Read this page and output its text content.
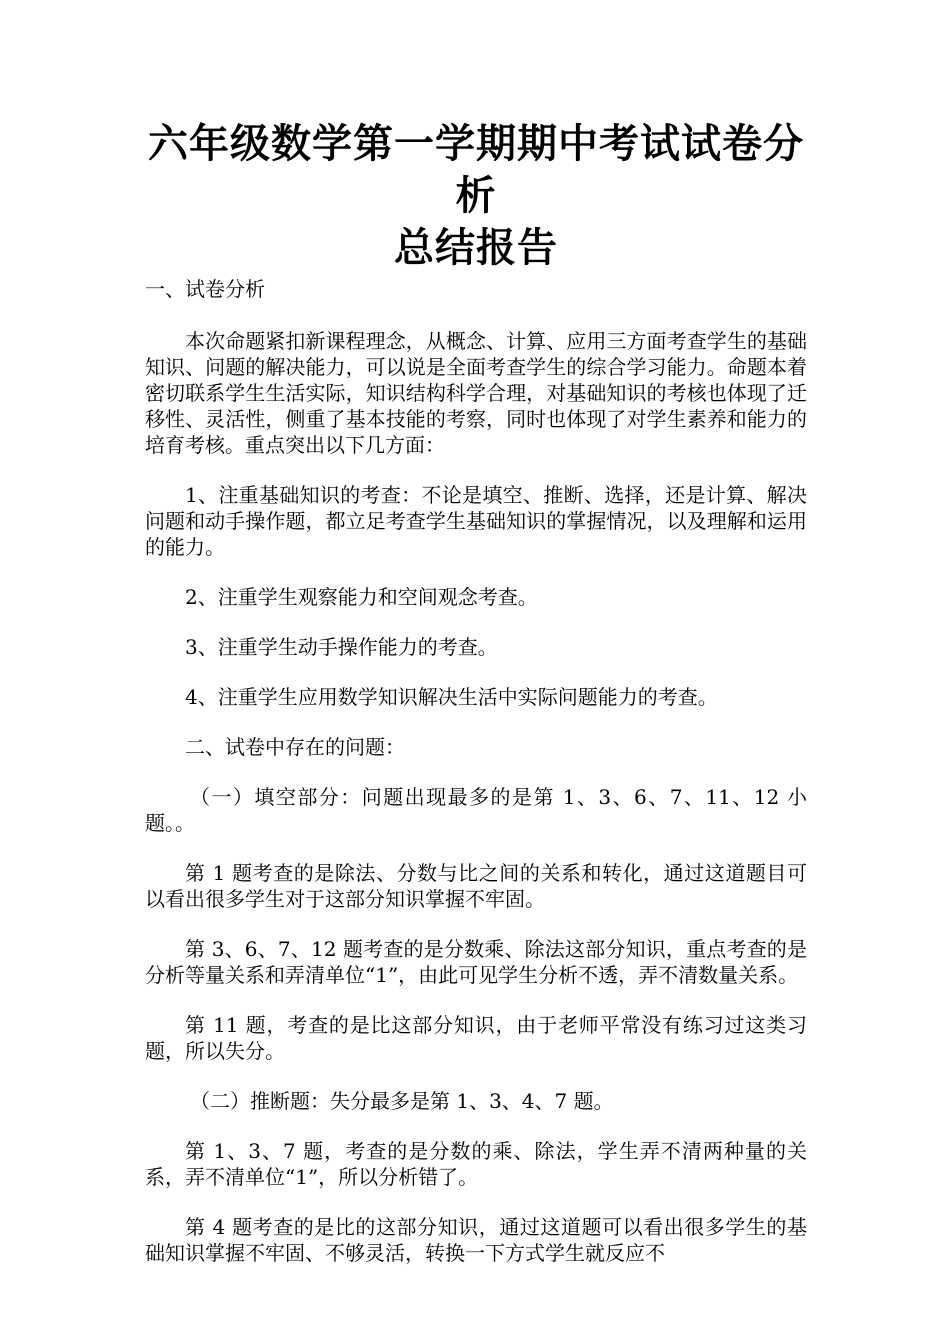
六年级数学第一学期期中考试试卷分析
总结报告
一、试卷分析

本次命题紧扣新课程理念，从概念、计算、应用三方面考查学生的基础知识、问题的解决能力，可以说是全面考查学生的综合学习能力。命题本着密切联系学生生活实际，知识结构科学合理，对基础知识的考核也体现了迁移性、灵活性，侧重了基本技能的考察，同时也体现了对学生素养和能力的培育考核。重点突出以下几方面：

1、注重基础知识的考查：不论是填空、推断、选择，还是计算、解决问题和动手操作题，都立足考查学生基础知识的掌握情况，以及理解和运用的能力。

2、注重学生观察能力和空间观念考查。

3、注重学生动手操作能力的考查。

4、注重学生应用数学知识解决生活中实际问题能力的考查。

二、试卷中存在的问题：

（一）填空部分：问题出现最多的是第 1、3、6、7、11、12 小题。。

第 1 题考查的是除法、分数与比之间的关系和转化，通过这道题目可以看出很多学生对于这部分知识掌握不牢固。

第 3、6、7、12 题考查的是分数乘、除法这部分知识，重点考查的是分析等量关系和弄清单位“1”，由此可见学生分析不透，弄不清数量关系。

第 11 题，考查的是比这部分知识，由于老师平常没有练习过这类习题，所以失分。

（二）推断题：失分最多是第 1、3、4、7 题。

第 1、3、7 题，考查的是分数的乘、除法，学生弄不清两种量的关系，弄不清单位“1”，所以分析错了。

第 4 题考查的是比的这部分知识，通过这道题可以看出很多学生的基础知识掌握不牢固、不够灵活，转换一下方式学生就反应不
